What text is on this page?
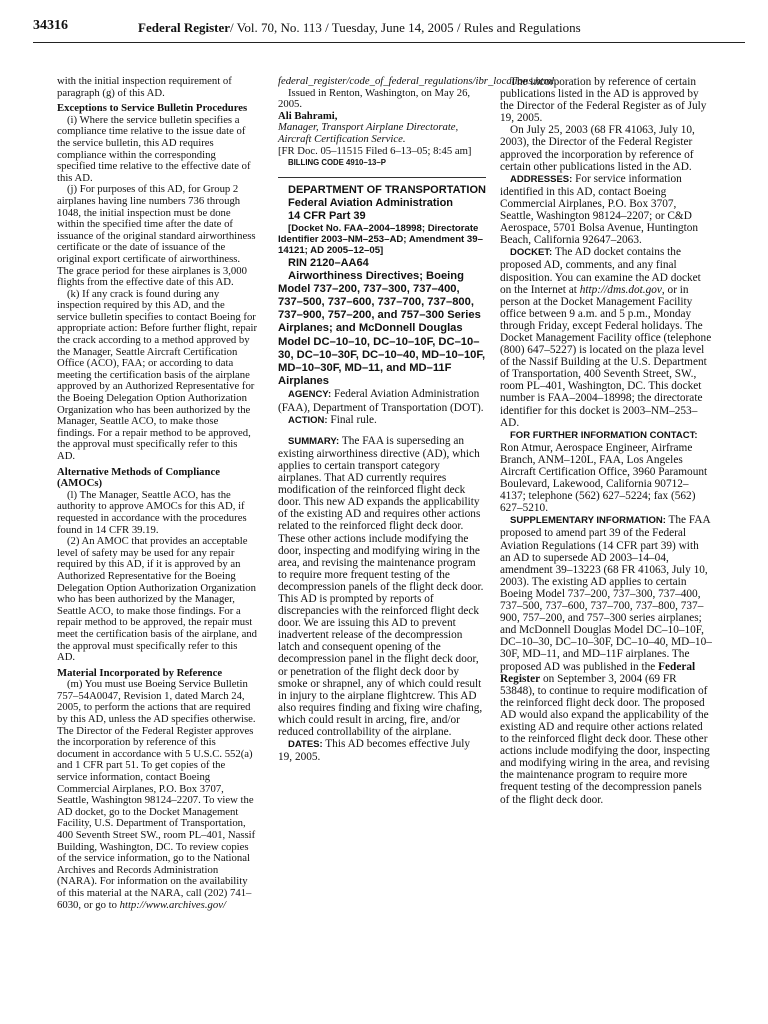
34316	Federal Register/ Vol. 70, No. 113 / Tuesday, June 14, 2005 / Rules and Regulations

with the initial inspection requirement of paragraph (g) of this AD.

Exceptions to Service Bulletin Procedures

(i) Where the service bulletin specifies a compliance time relative to the issue date of the service bulletin, this AD requires compliance within the corresponding specified time relative to the effective date of this AD.

(j) For purposes of this AD, for Group 2 airplanes having line numbers 736 through 1048, the initial inspection must be done within the specified time after the date of issuance of the original standard airworthiness certificate or the date of issuance of the original export certificate of airworthiness. The grace period for these airplanes is 3,000 flights from the effective date of this AD.

(k) If any crack is found during any inspection required by this AD, and the service bulletin specifies to contact Boeing for appropriate action: Before further flight, repair the crack according to a method approved by the Manager, Seattle Aircraft Certification Office (ACO), FAA; or according to data meeting the certification basis of the airplane approved by an Authorized Representative for the Boeing Delegation Option Authorization Organization who has been authorized by the Manager, Seattle ACO, to make those findings. For a repair method to be approved, the approval must specifically refer to this AD.

Alternative Methods of Compliance (AMOCs)

(l) The Manager, Seattle ACO, has the authority to approve AMOCs for this AD, if requested in accordance with the procedures found in 14 CFR 39.19.

(2) An AMOC that provides an acceptable level of safety may be used for any repair required by this AD, if it is approved by an Authorized Representative for the Boeing Delegation Option Authorization Organization who has been authorized by the Manager, Seattle ACO, to make those findings. For a repair method to be approved, the repair must meet the certification basis of the airplane, and the approval must specifically refer to this AD.

Material Incorporated by Reference

(m) You must use Boeing Service Bulletin 757–54A0047, Revision 1, dated March 24, 2005, to perform the actions that are required by this AD, unless the AD specifies otherwise. The Director of the Federal Register approves the incorporation by reference of this document in accordance with 5 U.S.C. 552(a) and 1 CFR part 51. To get copies of the service information, contact Boeing Commercial Airplanes, P.O. Box 3707, Seattle, Washington 98124–2207. To view the AD docket, go to the Docket Management Facility, U.S. Department of Transportation, 400 Seventh Street SW., room PL–401, Nassif Building, Washington, DC. To review copies of the service information, go to the National Archives and Records Administration (NARA). For information on the availability of this material at the NARA, call (202) 741–6030, or go to http://www.archives.gov/

federal_register/code_of_federal_regulations/ibr_locations.html.

Issued in Renton, Washington, on May 26, 2005.

Ali Bahrami,

Manager, Transport Airplane Directorate, Aircraft Certification Service.

[FR Doc. 05–11515 Filed 6–13–05; 8:45 am]

BILLING CODE 4910–13–P

DEPARTMENT OF TRANSPORTATION

Federal Aviation Administration

14 CFR Part 39

[Docket No. FAA–2004–18998; Directorate Identifier 2003–NM–253–AD; Amendment 39–14121; AD 2005–12–05]

RIN 2120–AA64

Airworthiness Directives; Boeing Model 737–200, 737–300, 737–400, 737–500, 737–600, 737–700, 737–800, 737–900, 757–200, and 757–300 Series Airplanes; and McDonnell Douglas Model DC–10–10, DC–10–10F, DC–10–30, DC–10–30F, DC–10–40, MD–10–10F, MD–10–30F, MD–11, and MD–11F Airplanes

AGENCY: Federal Aviation Administration (FAA), Department of Transportation (DOT).

ACTION: Final rule.

SUMMARY: The FAA is superseding an existing airworthiness directive (AD), which applies to certain transport category airplanes. That AD currently requires modification of the reinforced flight deck door. This new AD expands the applicability of the existing AD and requires other actions related to the reinforced flight deck door. These other actions include modifying the door, inspecting and modifying wiring in the area, and revising the maintenance program to require more frequent testing of the decompression panels of the flight deck door. This AD is prompted by reports of discrepancies with the reinforced flight deck door. We are issuing this AD to prevent inadvertent release of the decompression latch and consequent opening of the decompression panel in the flight deck door, or penetration of the flight deck door by smoke or shrapnel, any of which could result in injury to the airplane flightcrew. This AD also requires finding and fixing wire chafing, which could result in arcing, fire, and/or reduced controllability of the airplane.

DATES: This AD becomes effective July 19, 2005.

The incorporation by reference of certain publications listed in the AD is approved by the Director of the Federal Register as of July 19, 2005.

On July 25, 2003 (68 FR 41063, July 10, 2003), the Director of the Federal Register approved the incorporation by reference of certain other publications listed in the AD.

ADDRESSES: For service information identified in this AD, contact Boeing Commercial Airplanes, P.O. Box 3707, Seattle, Washington 98124–2207; or C&D Aerospace, 5701 Bolsa Avenue, Huntington Beach, California 92647–2063.

DOCKET: The AD docket contains the proposed AD, comments, and any final disposition. You can examine the AD docket on the Internet at http://dms.dot.gov, or in person at the Docket Management Facility office between 9 a.m. and 5 p.m., Monday through Friday, except Federal holidays. The Docket Management Facility office (telephone (800) 647–5227) is located on the plaza level of the Nassif Building at the U.S. Department of Transportation, 400 Seventh Street, SW., room PL–401, Washington, DC. This docket number is FAA–2004–18998; the directorate identifier for this docket is 2003–NM–253–AD.

FOR FURTHER INFORMATION CONTACT: Ron Atmur, Aerospace Engineer, Airframe Branch, ANM–120L, FAA, Los Angeles Aircraft Certification Office, 3960 Paramount Boulevard, Lakewood, California 90712–4137; telephone (562) 627–5224; fax (562) 627–5210.

SUPPLEMENTARY INFORMATION: The FAA proposed to amend part 39 of the Federal Aviation Regulations (14 CFR part 39) with an AD to supersede AD 2003–14–04, amendment 39–13223 (68 FR 41063, July 10, 2003). The existing AD applies to certain Boeing Model 737–200, 737–300, 737–400, 737–500, 737–600, 737–700, 737–800, 737–900, 757–200, and 757–300 series airplanes; and McDonnell Douglas Model DC–10–10F, DC–10–30, DC–10–30F, DC–10–40, MD–10–30F, MD–11, and MD–11F airplanes. The proposed AD was published in the Federal Register on September 3, 2004 (69 FR 53848), to continue to require modification of the reinforced flight deck door. The proposed AD would also expand the applicability of the existing AD and require other actions related to the reinforced flight deck door. These other actions include modifying the door, inspecting and modifying wiring in the area, and revising the maintenance program to require more frequent testing of the decompression panels of the flight deck door.
